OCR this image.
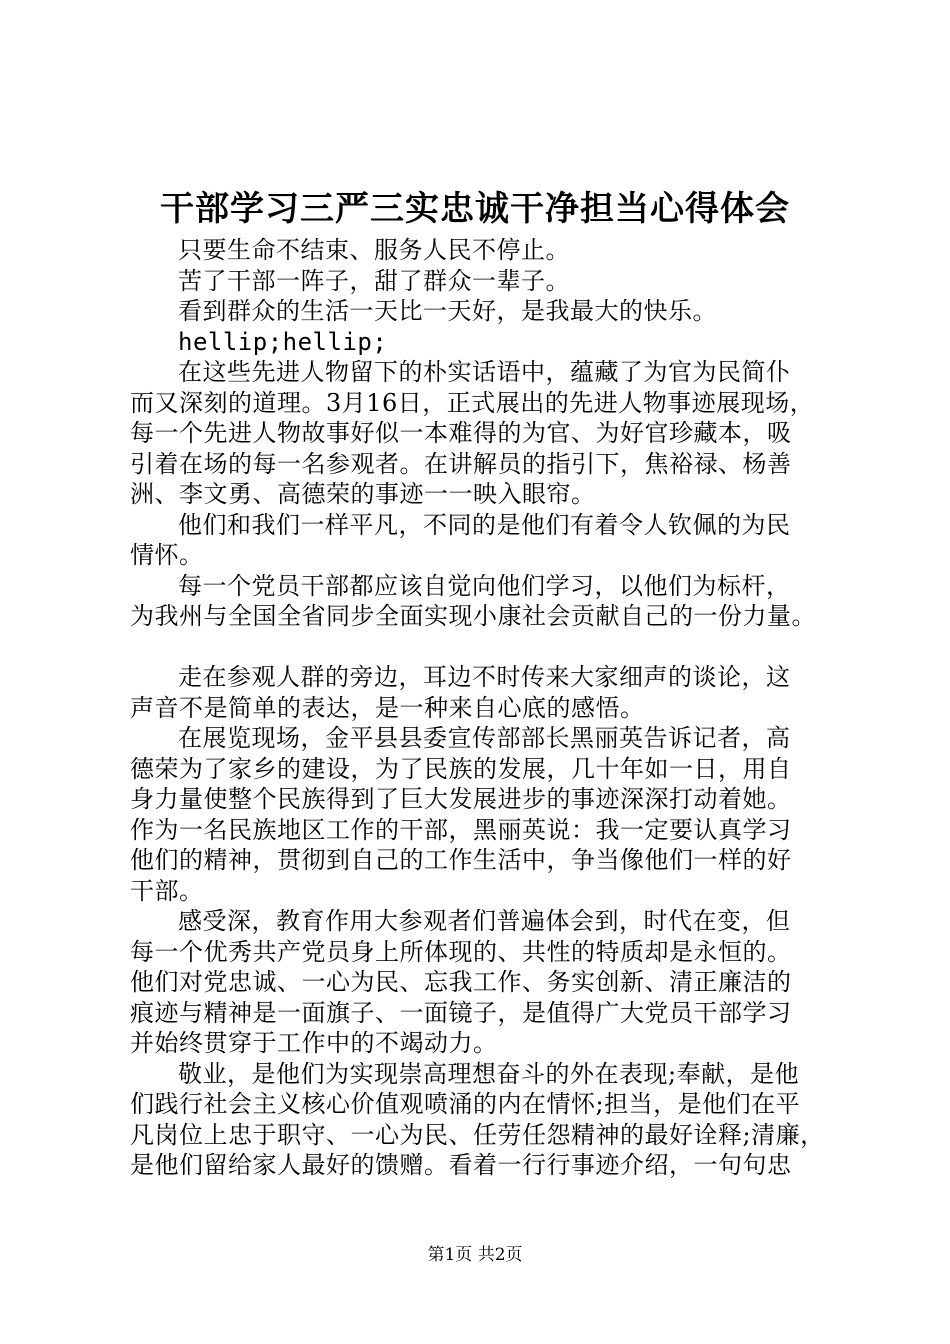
干部学习三严三实忠诚干净担当心得体会
只要生命不结束、服务人民不停止。
苦了干部一阵子，甜了群众一辈子。
看到群众的生活一天比一天好，是我最大的快乐。
hellip;hellip;
在这些先进人物留下的朴实话语中，蕴藏了为官为民简仆
而又深刻的道理。3月16日，正式展出的先进人物事迹展现场，
每一个先进人物故事好似一本难得的为官、为好官珍藏本，吸
引着在场的每一名参观者。在讲解员的指引下，焦裕禄、杨善
洲、李文勇、高德荣的事迹一一映入眼帘。
他们和我们一样平凡，不同的是他们有着令人钦佩的为民
情怀。
每一个党员干部都应该自觉向他们学习，以他们为标杆，
为我州与全国全省同步全面实现小康社会贡献自己的一份力量。
走在参观人群的旁边，耳边不时传来大家细声的谈论，这
声音不是简单的表达，是一种来自心底的感悟。
在展览现场，金平县县委宣传部部长黑丽英告诉记者，高
德荣为了家乡的建设，为了民族的发展，几十年如一日，用自
身力量使整个民族得到了巨大发展进步的事迹深深打动着她。
作为一名民族地区工作的干部，黑丽英说：我一定要认真学习
他们的精神，贯彻到自己的工作生活中，争当像他们一样的好
干部。
感受深，教育作用大参观者们普遍体会到，时代在变，但
每一个优秀共产党员身上所体现的、共性的特质却是永恒的。
他们对党忠诚、一心为民、忘我工作、务实创新、清正廉洁的
痕迹与精神是一面旗子、一面镜子，是值得广大党员干部学习
并始终贯穿于工作中的不竭动力。
敬业，是他们为实现崇高理想奋斗的外在表现;奉献，是他
们践行社会主义核心价值观喷涌的内在情怀;担当，是他们在平
凡岗位上忠于职守、一心为民、任劳任怨精神的最好诠释;清廉，
是他们留给家人最好的馈赠。看着一行行事迹介绍，一句句忠
第1页 共2页
